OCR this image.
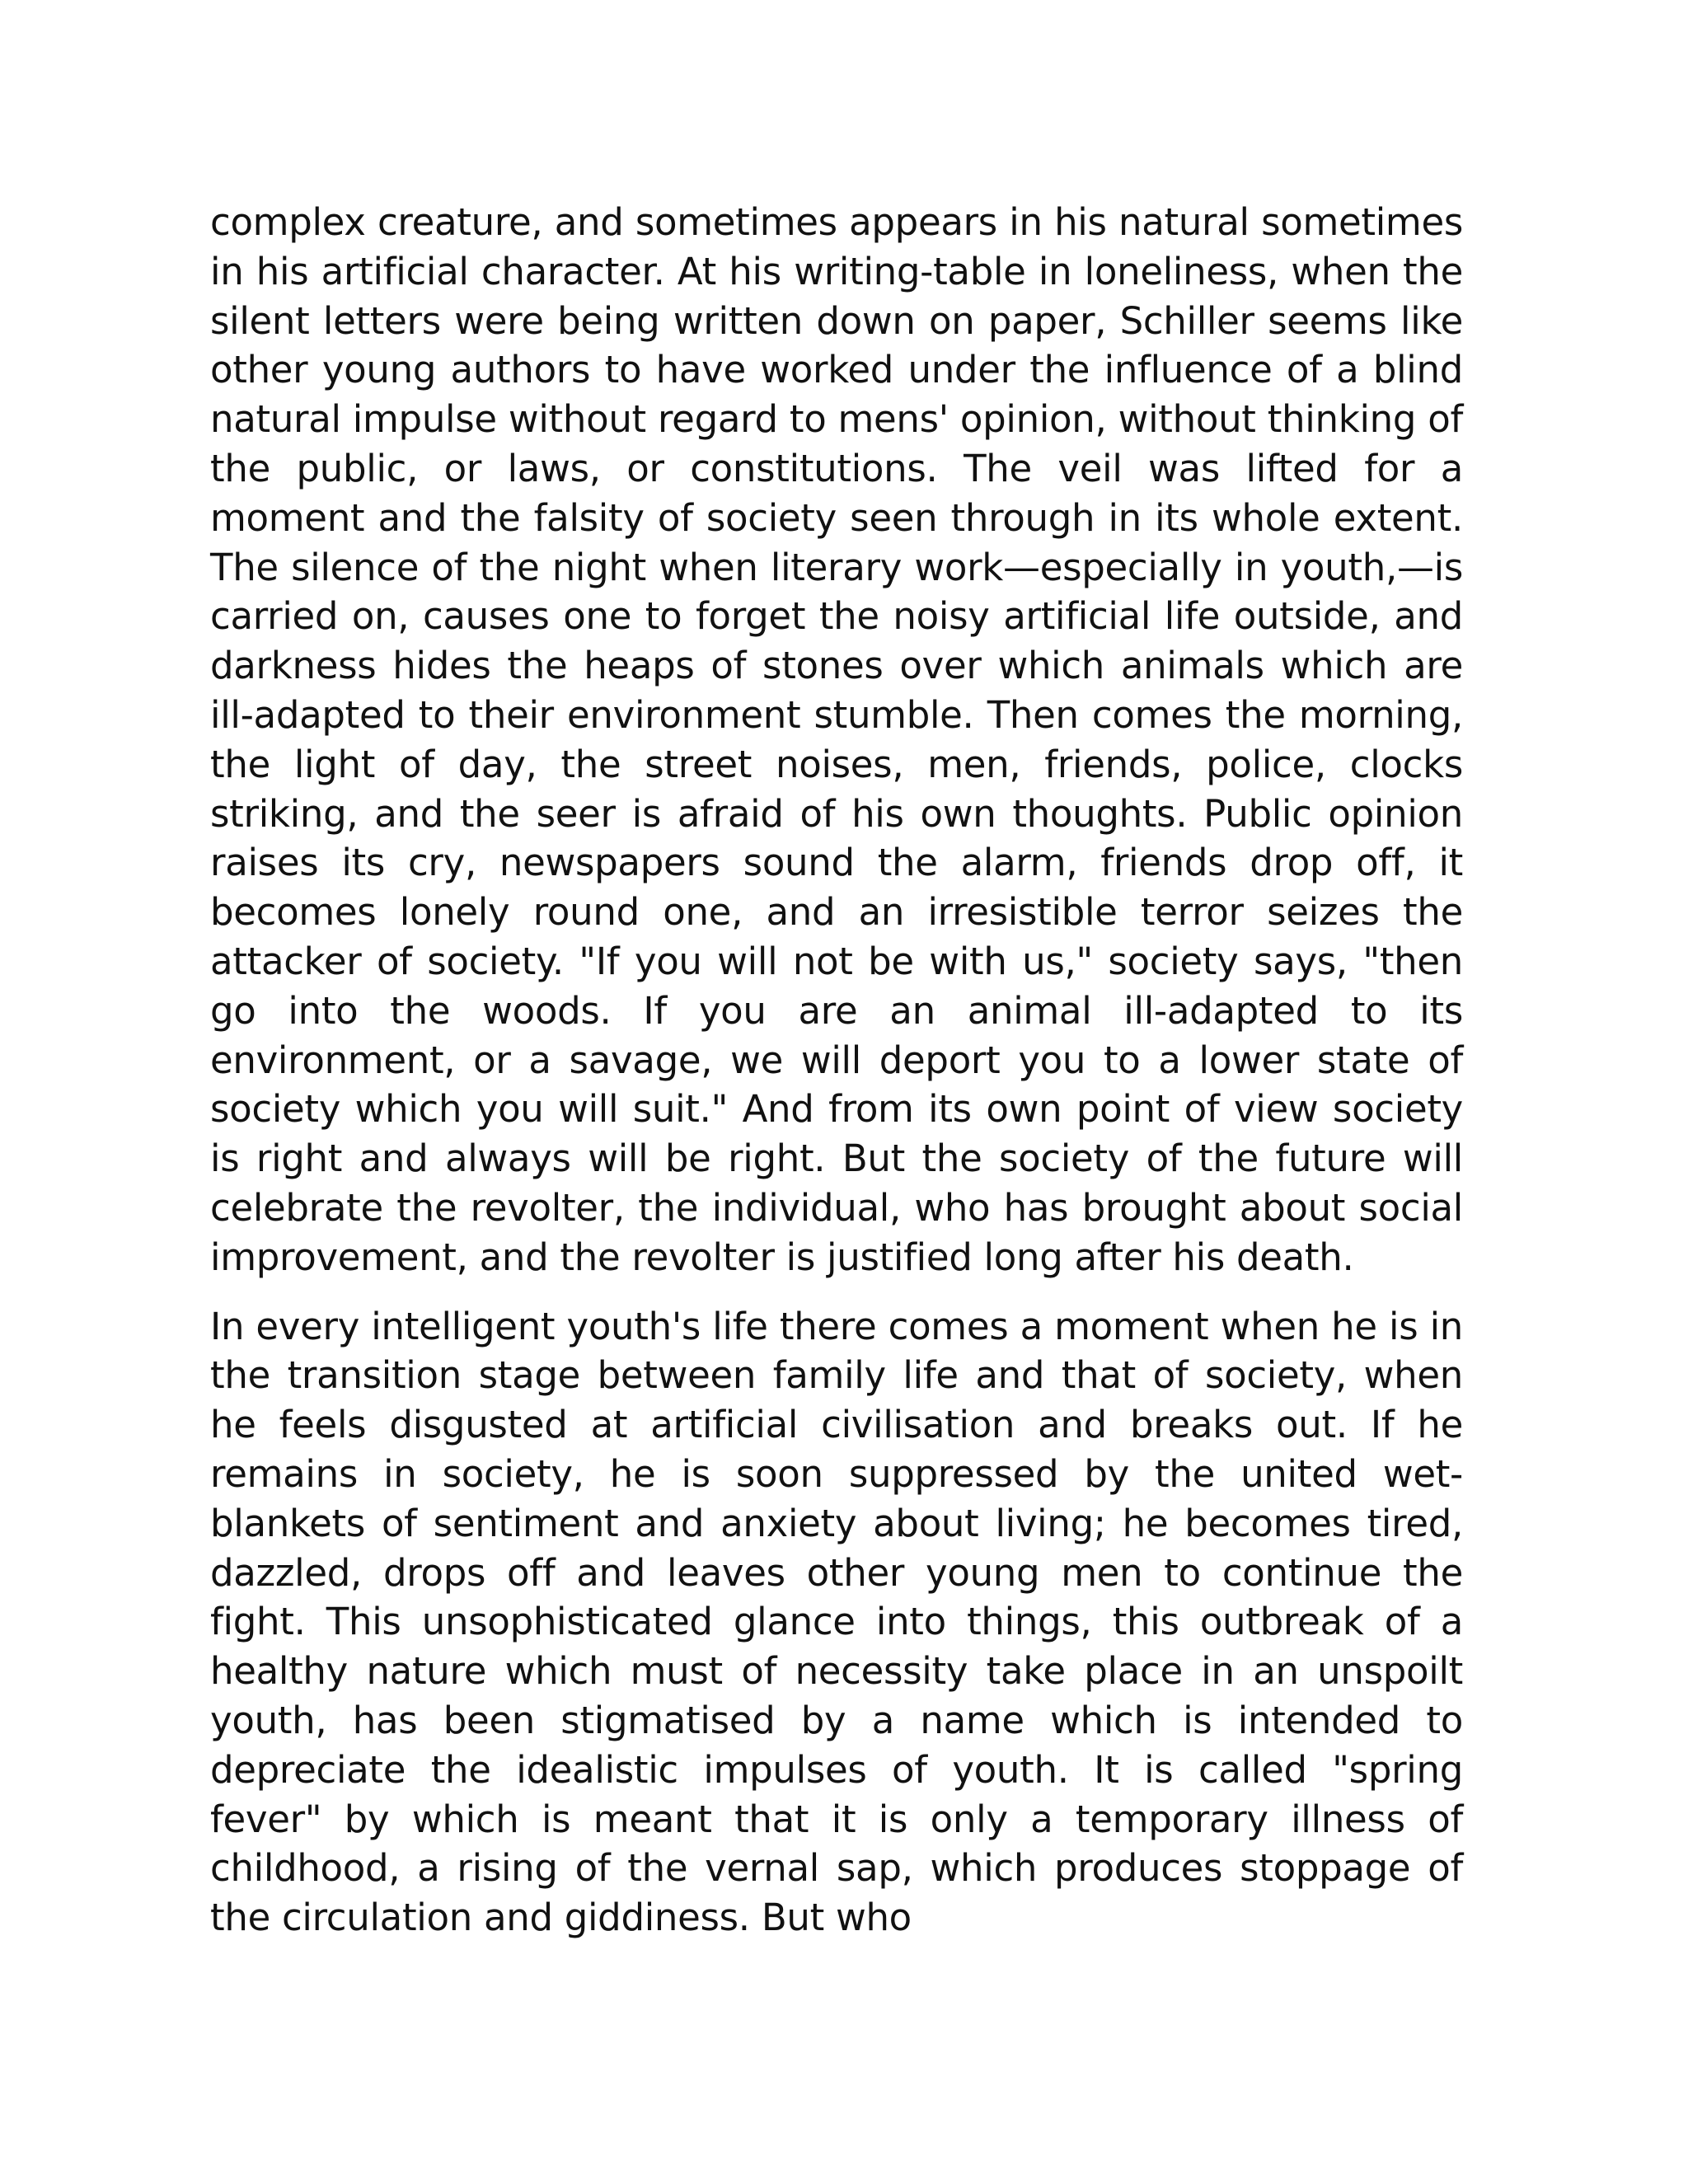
complex creature, and sometimes appears in his natural sometimes in his artificial character. At his writing-table in loneliness, when the silent letters were being written down on paper, Schiller seems like other young authors to have worked under the influence of a blind natural impulse without regard to mens' opinion, without thinking of the public, or laws, or constitutions. The veil was lifted for a moment and the falsity of society seen through in its whole extent. The silence of the night when literary work—especially in youth,—is carried on, causes one to forget the noisy artificial life outside, and darkness hides the heaps of stones over which animals which are ill-adapted to their environment stumble. Then comes the morning, the light of day, the street noises, men, friends, police, clocks striking, and the seer is afraid of his own thoughts. Public opinion raises its cry, newspapers sound the alarm, friends drop off, it becomes lonely round one, and an irresistible terror seizes the attacker of society. "If you will not be with us," society says, "then go into the woods. If you are an animal ill-adapted to its environment, or a savage, we will deport you to a lower state of society which you will suit." And from its own point of view society is right and always will be right. But the society of the future will celebrate the revolter, the individual, who has brought about social improvement, and the revolter is justified long after his death.

In every intelligent youth's life there comes a moment when he is in the transition stage between family life and that of society, when he feels disgusted at artificial civilisation and breaks out. If he remains in society, he is soon suppressed by the united wet-blankets of sentiment and anxiety about living; he becomes tired, dazzled, drops off and leaves other young men to continue the fight. This unsophisticated glance into things, this outbreak of a healthy nature which must of necessity take place in an unspoilt youth, has been stigmatised by a name which is intended to depreciate the idealistic impulses of youth. It is called "spring fever" by which is meant that it is only a temporary illness of childhood, a rising of the vernal sap, which produces stoppage of the circulation and giddiness. But who
